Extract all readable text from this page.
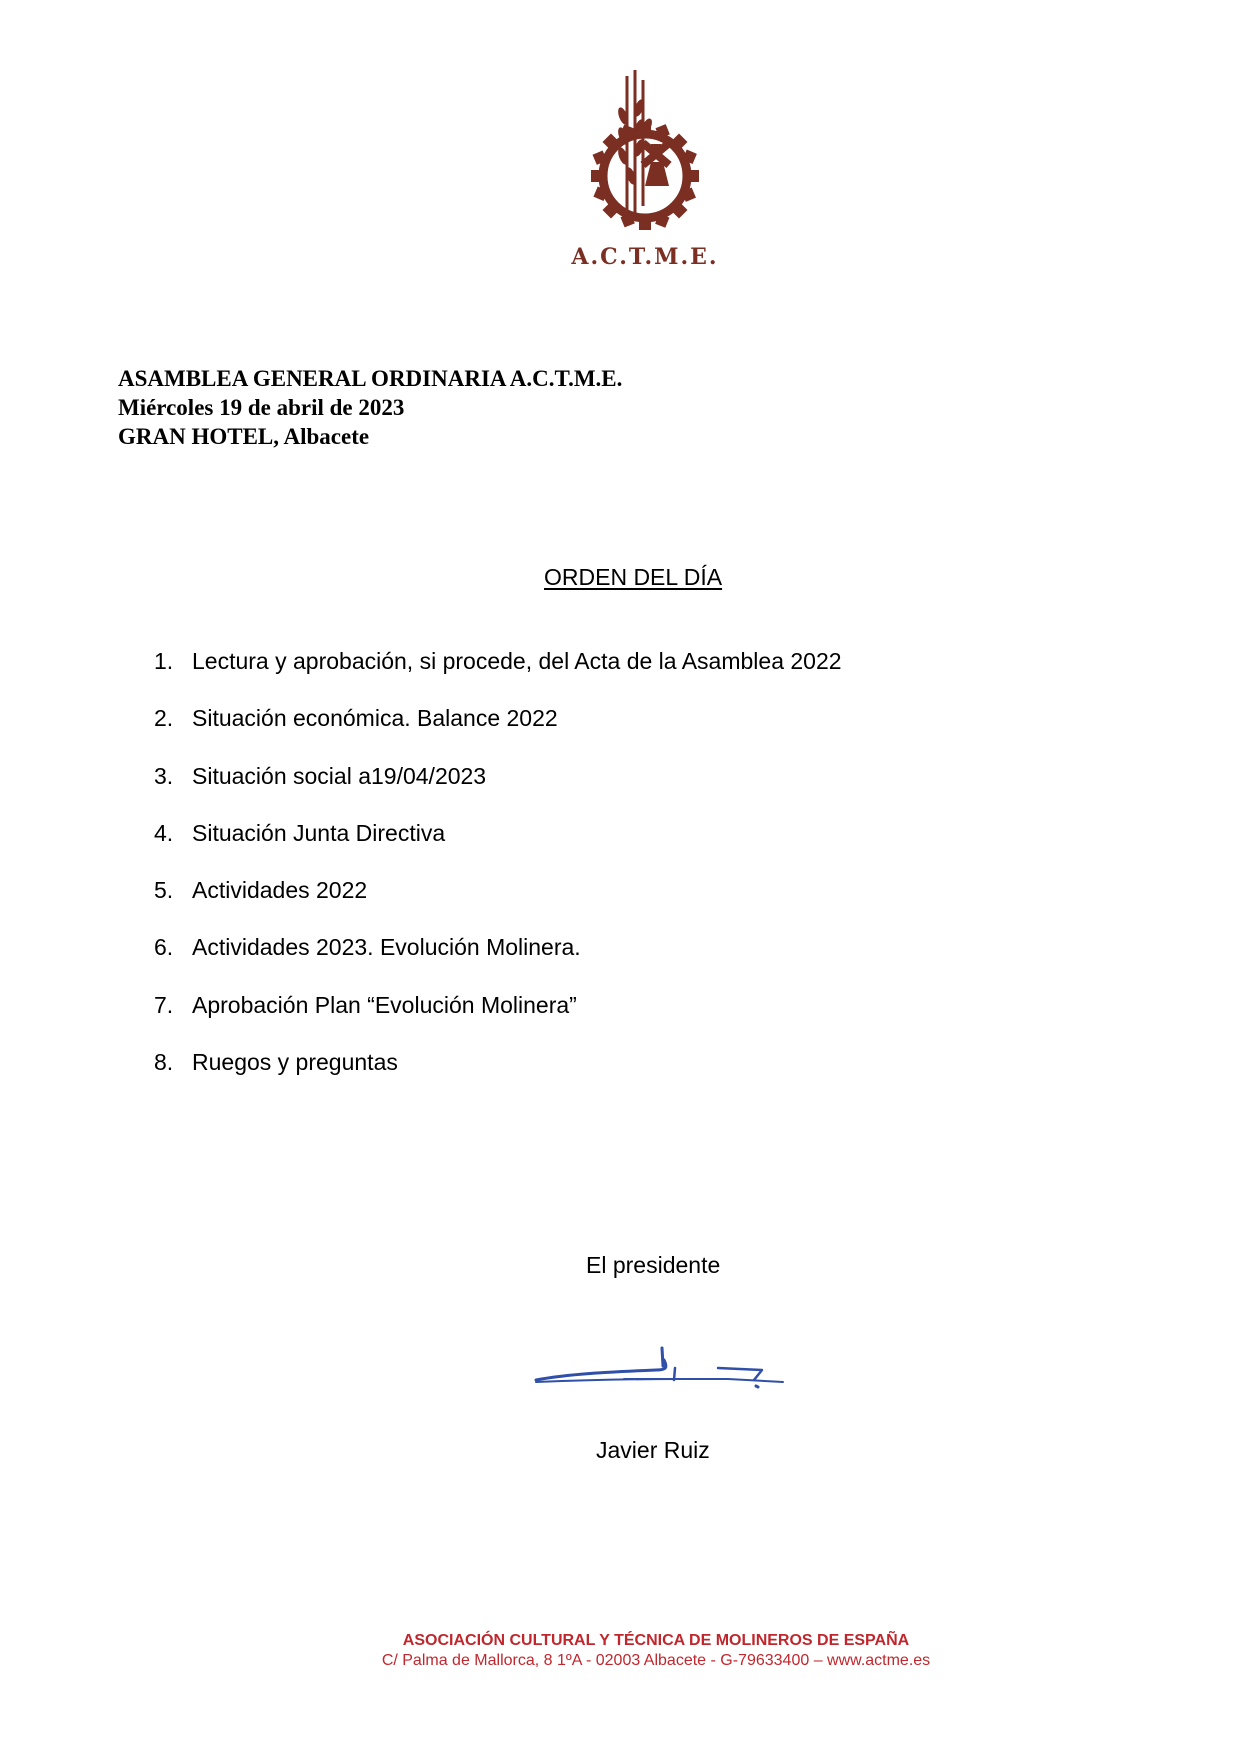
A.C.T.M.E.
ASAMBLEA GENERAL ORDINARIA A.C.T.M.E.
Miércoles 19 de abril de 2023
GRAN HOTEL, Albacete
ORDEN DEL DÍA
1. Lectura y aprobación, si procede, del Acta de la Asamblea 2022
2. Situación económica. Balance 2022
3. Situación social a19/04/2023
4. Situación Junta Directiva
5. Actividades 2022
6. Actividades 2023. Evolución Molinera.
7. Aprobación Plan “Evolución Molinera”
8. Ruegos y preguntas
El presidente
Javier Ruiz
ASOCIACIÓN CULTURAL Y TÉCNICA DE MOLINEROS DE ESPAÑA
C/ Palma de Mallorca, 8 1ºA - 02003 Albacete - G-79633400 – www.actme.es
